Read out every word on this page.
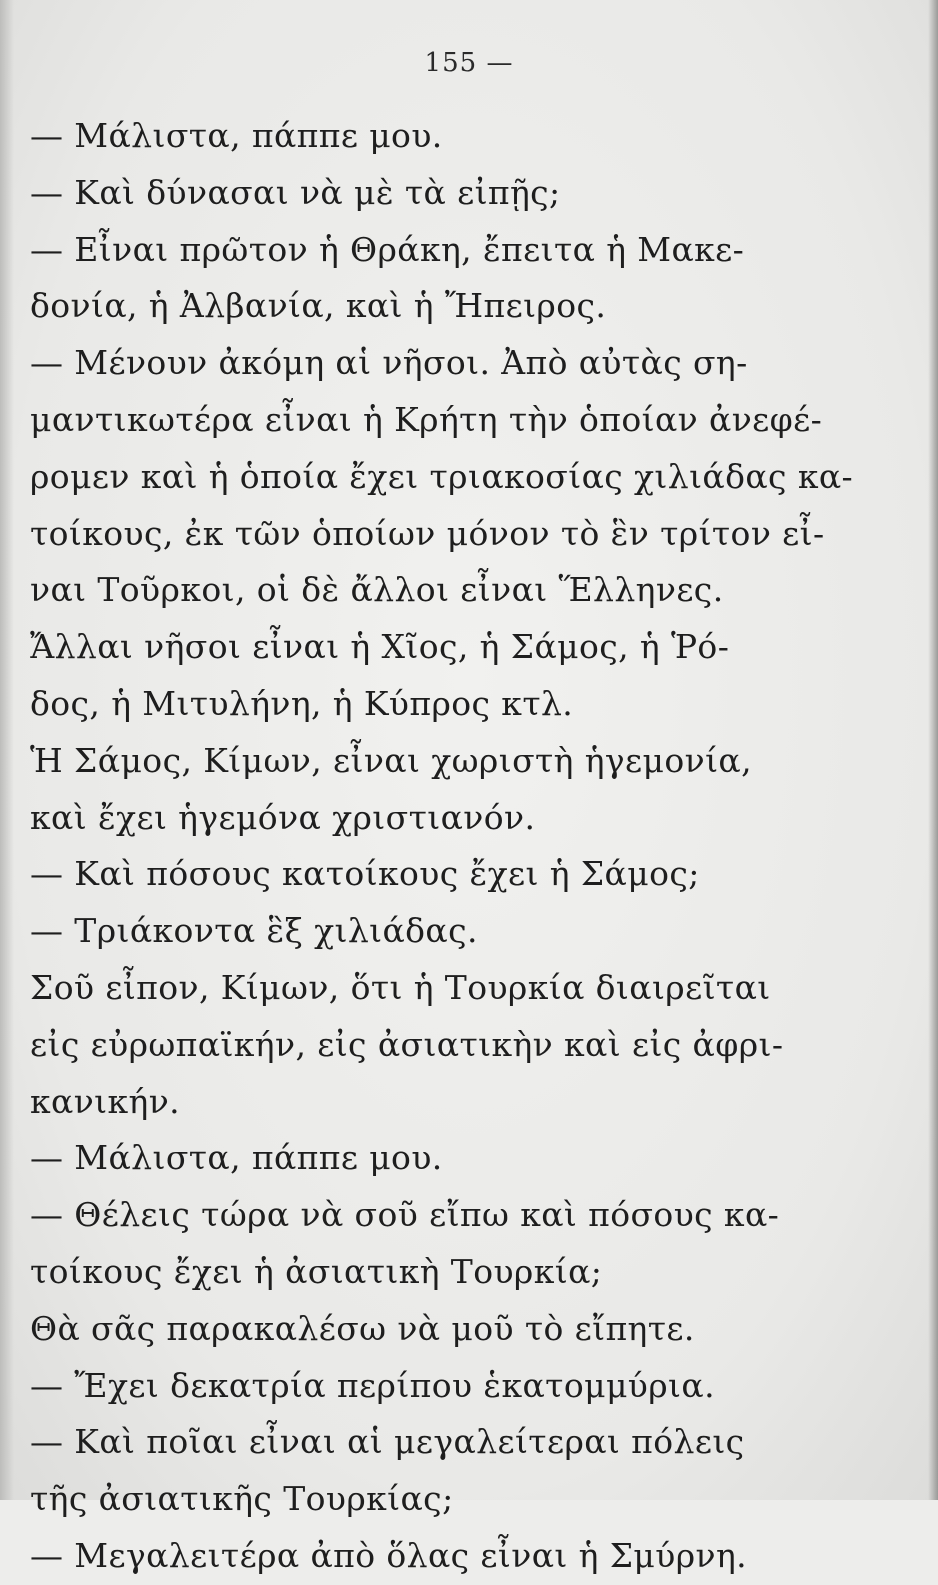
155 —
— Μάλιστα, πάππε μου.
— Καὶ δύνασαι νὰ μὲ τὰ εἰπῇς;
— Εἶναι πρῶτον ἡ Θράκη, ἔπειτα ἡ Μακε-
δονία, ἡ Ἀλβανία, καὶ ἡ Ἤπειρος.
— Μένουν ἀκόμη αἱ νῆσοι. Ἀπὸ αὐτὰς ση-
μαντικωτέρα εἶναι ἡ Κρήτη τὴν ὁποίαν ἀνεφέ-
ρομεν καὶ ἡ ὁποία ἔχει τριακοσίας χιλιάδας κα-
τοίκους, ἐκ τῶν ὁποίων μόνον τὸ ἓν τρίτον εἶ-
ναι Τοῦρκοι, οἱ δὲ ἄλλοι εἶναι Ἕλληνες.
Ἄλλαι νῆσοι εἶναι ἡ Χῖος, ἡ Σάμος, ἡ Ῥό-
δος, ἡ Μιτυλήνη, ἡ Κύπρος κτλ.
Ἡ Σάμος, Κίμων, εἶναι χωριστὴ ἡγεμονία,
καὶ ἔχει ἡγεμόνα χριστιανόν.
— Καὶ πόσους κατοίκους ἔχει ἡ Σάμος;
— Τριάκοντα ἓξ χιλιάδας.
Σοῦ εἶπον, Κίμων, ὅτι ἡ Τουρκία διαιρεῖται
εἰς εὐρωπαϊκήν, εἰς ἀσιατικὴν καὶ εἰς ἀφρι-
κανικήν.
— Μάλιστα, πάππε μου.
— Θέλεις τώρα νὰ σοῦ εἴπω καὶ πόσους κα-
τοίκους ἔχει ἡ ἀσιατικὴ Τουρκία;
Θὰ σᾶς παρακαλέσω νὰ μοῦ τὸ εἴπητε.
— Ἔχει δεκατρία περίπου ἑκατομμύρια.
— Καὶ ποῖαι εἶναι αἱ μεγαλείτεραι πόλεις
τῆς ἀσιατικῆς Τουρκίας;
— Μεγαλειτέρα ἀπὸ ὅλας εἶναι ἡ Σμύρνη.
